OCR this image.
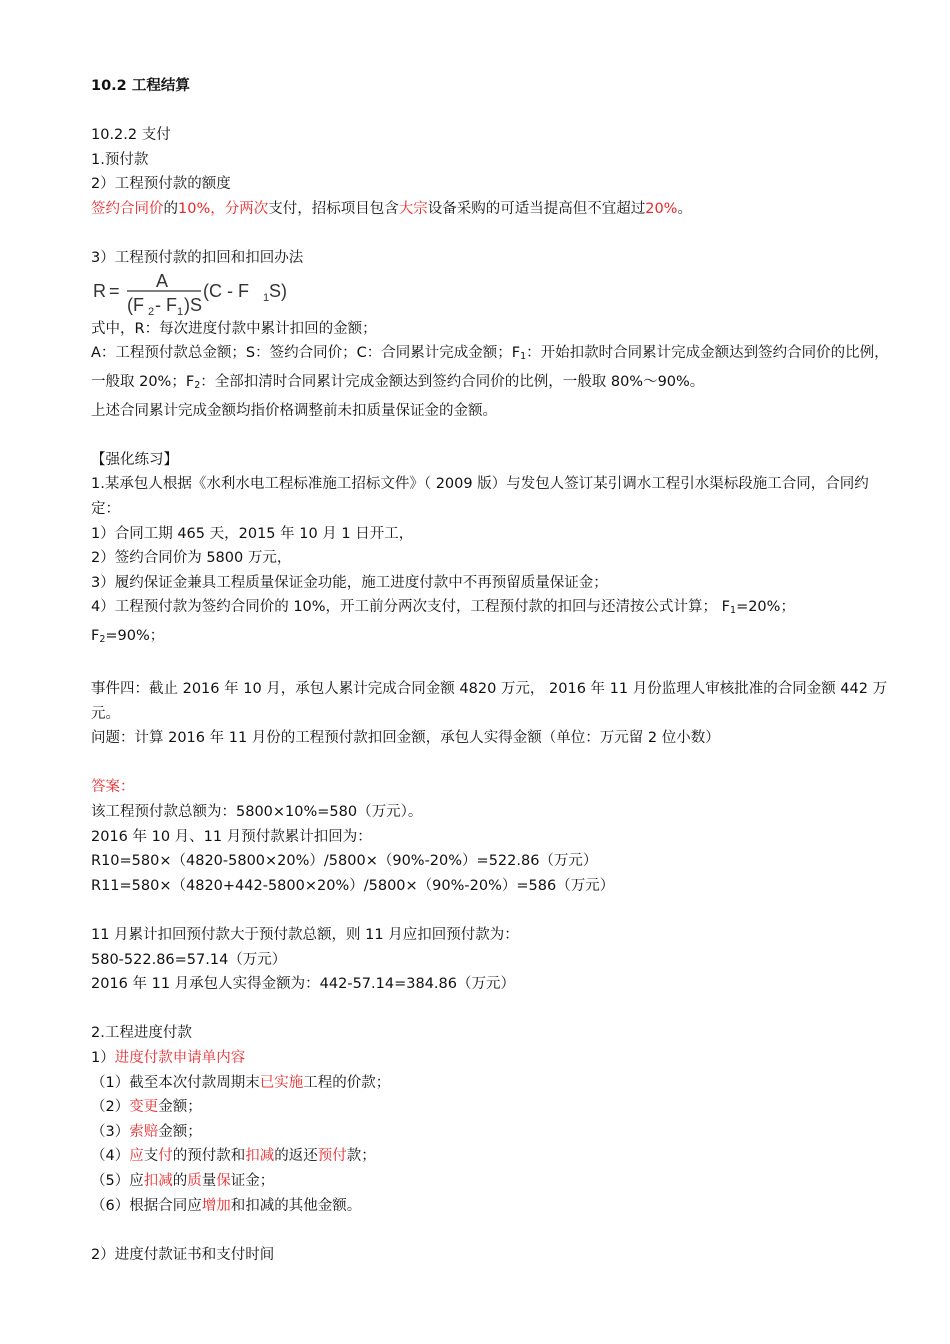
10.2 工程结算
10.2.2 支付
1.预付款
2）工程预付款的额度
签约合同价的10%，分两次支付，招标项目包含大宗设备采购的可适当提高但不宜超过20%。
3）工程预付款的扣回和扣回办法
R = A
(F 2 - F 1 )S
(C - F 1 S)
式中，R：每次进度付款中累计扣回的金额；
A：工程预付款总金额；S：签约合同价；C：合同累计完成金额；$F_1$：开始扣款时合同累计完成金额达到签约合同价的比例，一般取 20%；$F_2$：全部扣清时合同累计完成金额达到签约合同价的比例，一般取 80%～90%。
上述合同累计完成金额均指价格调整前未扣质量保证金的金额。
【强化练习】
1.某承包人根据《水利水电工程标准施工招标文件》（ 2009 版）与发包人签订某引调水工程引水渠标段施工合同，合同约定：
1）合同工期 465 天，2015 年 10 月 1 日开工，
2）签约合同价为 5800 万元，
3）履约保证金兼具工程质量保证金功能，施工进度付款中不再预留质量保证金；
4）工程预付款为签约合同价的 10%，开工前分两次支付，工程预付款的扣回与还清按公式计算； $F_1=20\%$；
$F_2=90\%$；
事件四：截止 2016 年 10 月，承包人累计完成合同金额 4820 万元， 2016 年 11 月份监理人审核批准的合同金额 442 万元。
问题：计算 2016 年 11 月份的工程预付款扣回金额，承包人实得金额（单位：万元留 2 位小数）
答案：
该工程预付款总额为：5800×10%=580（万元）。
2016 年 10 月、11 月预付款累计扣回为：
R10=580×（4820-5800×20%）/5800×（90%-20%）=522.86（万元）
R11=580×（4820+442-5800×20%）/5800×（90%-20%）=586（万元）
11 月累计扣回预付款大于预付款总额，则 11 月应扣回预付款为：
580-522.86=57.14（万元）
2016 年 11 月承包人实得金额为：442-57.14=384.86（万元）
2.工程进度付款
1）进度付款申请单内容
（1）截至本次付款周期末已实施工程的价款；
（2）变更金额；
（3）索赔金额；
（4）应支付的预付款和扣减的返还预付款；
（5）应扣减的质量保证金；
（6）根据合同应增加和扣减的其他金额。
2）进度付款证书和支付时间
